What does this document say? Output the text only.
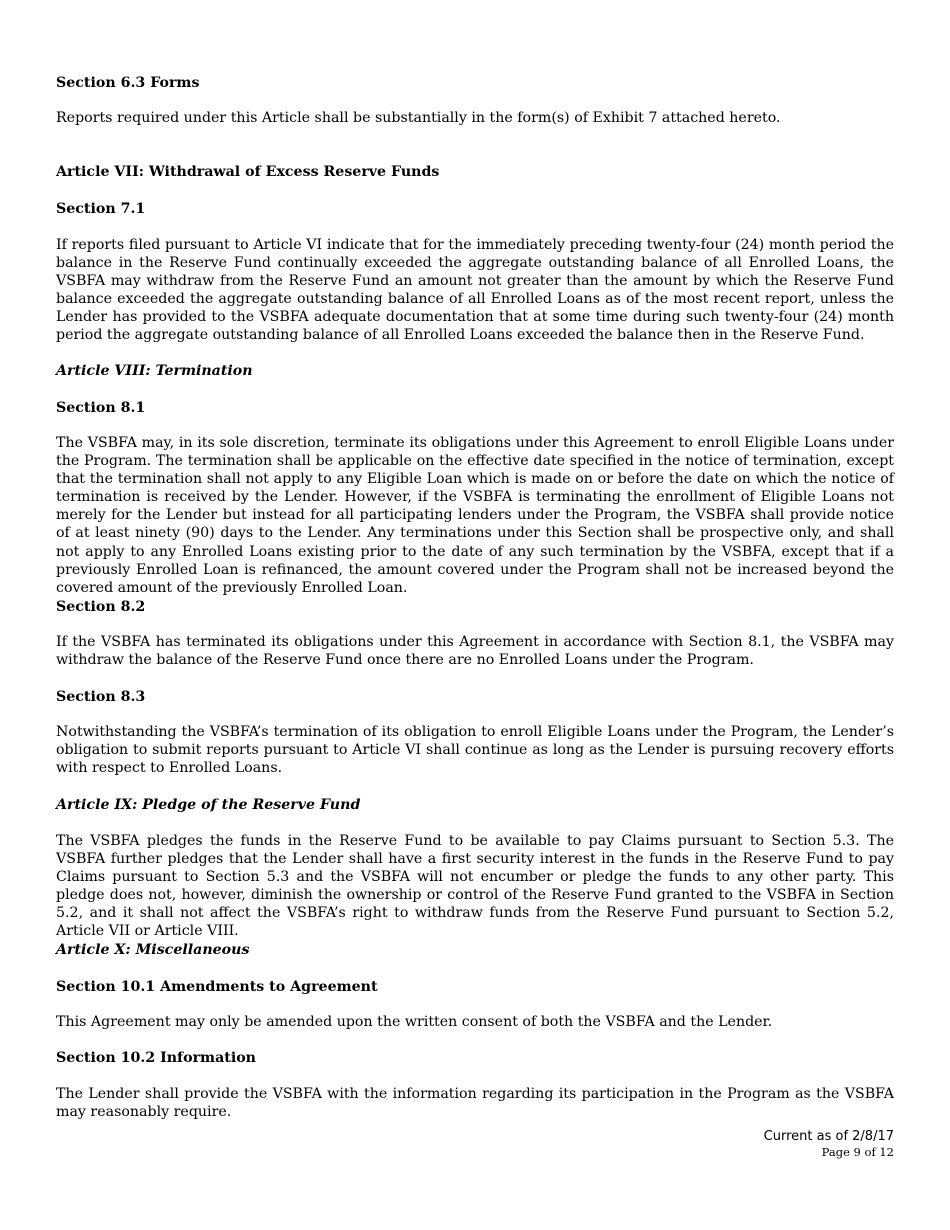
Section 6.3 Forms

Reports required under this Article shall be substantially in the form(s) of Exhibit 7 attached hereto.

Article VII: Withdrawal of Excess Reserve Funds

Section 7.1

If reports filed pursuant to Article VI indicate that for the immediately preceding twenty-four (24) month period the balance in the Reserve Fund continually exceeded the aggregate outstanding balance of all Enrolled Loans, the VSBFA may withdraw from the Reserve Fund an amount not greater than the amount by which the Reserve Fund balance exceeded the aggregate outstanding balance of all Enrolled Loans as of the most recent report, unless the Lender has provided to the VSBFA adequate documentation that at some time during such twenty-four (24) month period the aggregate outstanding balance of all Enrolled Loans exceeded the balance then in the Reserve Fund.

Article VIII: Termination

Section 8.1

The VSBFA may, in its sole discretion, terminate its obligations under this Agreement to enroll Eligible Loans under the Program. The termination shall be applicable on the effective date specified in the notice of termination, except that the termination shall not apply to any Eligible Loan which is made on or before the date on which the notice of termination is received by the Lender. However, if the VSBFA is terminating the enrollment of Eligible Loans not merely for the Lender but instead for all participating lenders under the Program, the VSBFA shall provide notice of at least ninety (90) days to the Lender. Any terminations under this Section shall be prospective only, and shall not apply to any Enrolled Loans existing prior to the date of any such termination by the VSBFA, except that if a previously Enrolled Loan is refinanced, the amount covered under the Program shall not be increased beyond the covered amount of the previously Enrolled Loan.

Section 8.2

If the VSBFA has terminated its obligations under this Agreement in accordance with Section 8.1, the VSBFA may withdraw the balance of the Reserve Fund once there are no Enrolled Loans under the Program.

Section 8.3

Notwithstanding the VSBFA’s termination of its obligation to enroll Eligible Loans under the Program, the Lender’s obligation to submit reports pursuant to Article VI shall continue as long as the Lender is pursuing recovery efforts with respect to Enrolled Loans.

Article IX: Pledge of the Reserve Fund

The VSBFA pledges the funds in the Reserve Fund to be available to pay Claims pursuant to Section 5.3. The VSBFA further pledges that the Lender shall have a first security interest in the funds in the Reserve Fund to pay Claims pursuant to Section 5.3 and the VSBFA will not encumber or pledge the funds to any other party. This pledge does not, however, diminish the ownership or control of the Reserve Fund granted to the VSBFA in Section 5.2, and it shall not affect the VSBFA’s right to withdraw funds from the Reserve Fund pursuant to Section 5.2, Article VII or Article VIII.

Article X: Miscellaneous

Section 10.1 Amendments to Agreement

This Agreement may only be amended upon the written consent of both the VSBFA and the Lender.

Section 10.2 Information

The Lender shall provide the VSBFA with the information regarding its participation in the Program as the VSBFA may reasonably require.

Current as of 2/8/17
Page 9 of 12
